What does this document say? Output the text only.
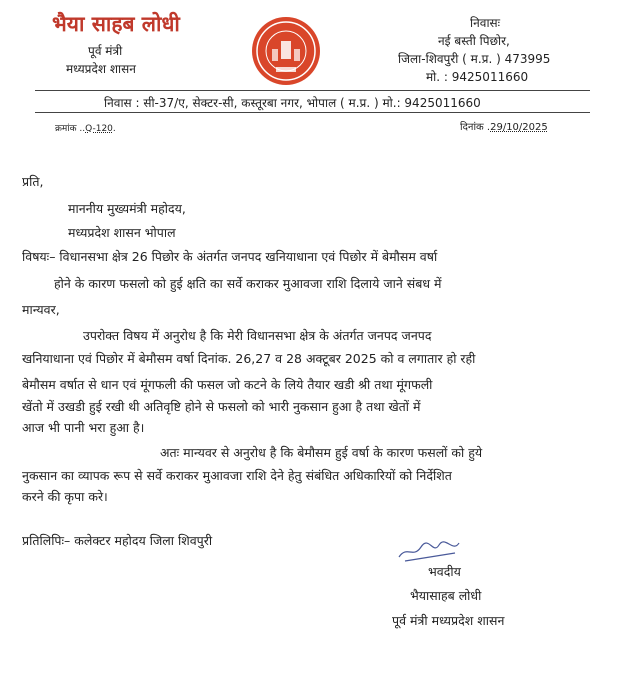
भैया साहब लोधी
पूर्व मंत्री
मध्यप्रदेश शासन
निवासः
नई बस्ती पिछोर,
जिला-शिवपुरी ( म.प्र. ) 473995
मो. : 9425011660
निवास : सी-37/ए, सेक्टर-सी, कस्तूरबा नगर, भोपाल ( म.प्र. ) मो.: 9425011660
क्रमांक ..Q-120.	दिनांक .29/10/2025
प्रति,
माननीय मुख्यमंत्री महोदय,
मध्यप्रदेश शासन भोपाल
विषयः– विधानसभा क्षेत्र 26 पिछोर के अंतर्गत जनपद खनियाधाना एवं पिछोर में बेमौसम वर्षा
होने के कारण फसलो को हुई क्षति का सर्वे कराकर मुआवजा राशि दिलाये जाने संबध में
मान्यवर,
उपरोक्त विषय में अनुरोध है कि मेरी विधानसभा क्षेत्र के अंतर्गत जनपद जनपद
खनियाधाना एवं पिछोर में बेमौसम वर्षा दिनांक. 26,27 व 28 अक्टूबर 2025 को व लगातार हो रही
बेमौसम वर्षात से धान एवं मूंगफली की फसल जो कटने के लिये तैयार खडी श्री तथा मूंगफली
खेंतो में उखडी हुई रखी थी अतिवृष्टि होने से फसलो को भारी नुकसान हुआ है तथा खेतों में
आज भी पानी भरा हुआ है।
अतः मान्यवर से अनुरोध है कि बेमौसम हुई वर्षा के कारण फसलों को हुये
नुकसान का व्यापक रूप से सर्वे कराकर मुआवजा राशि देने हेतु संबंधित अधिकारियों को निर्देशित
करने की कृपा करे।
प्रतिलिपिः– कलेक्टर महोदय जिला शिवपुरी
भवदीय
भैयासाहब लोधी
पूर्व मंत्री मध्यप्रदेश शासन
